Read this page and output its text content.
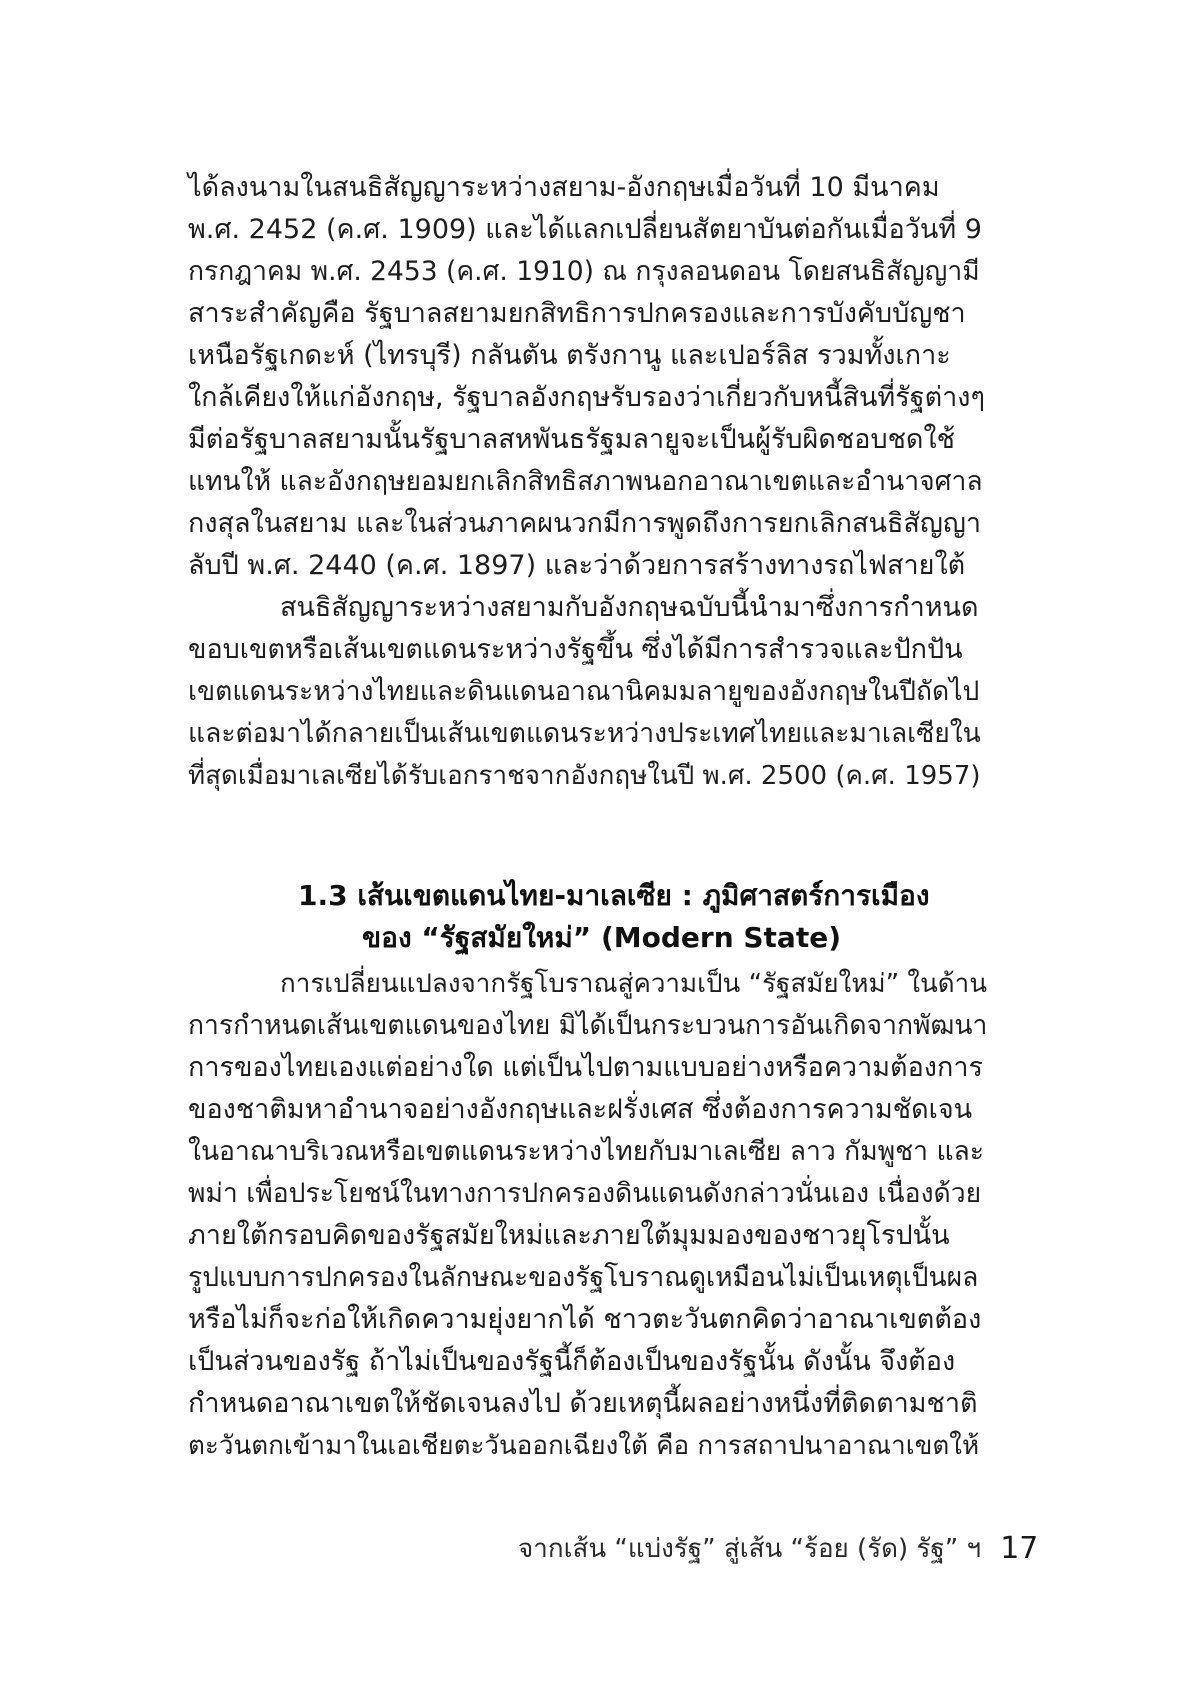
ได้ลงนามในสนธิสัญญาระหว่างสยาม-อังกฤษเมื่อวันที่ 10 มีนาคม
พ.ศ. 2452 (ค.ศ. 1909) และได้แลกเปลี่ยนสัตยาบันต่อกันเมื่อวันที่ 9
กรกฎาคม พ.ศ. 2453 (ค.ศ. 1910) ณ กรุงลอนดอน โดยสนธิสัญญามี
สาระสำคัญคือ รัฐบาลสยามยกสิทธิการปกครองและการบังคับบัญชา
เหนือรัฐเกดะห์ (ไทรบุรี) กลันตัน ตรังกานู และเปอร์ลิส รวมทั้งเกาะ
ใกล้เคียงให้แก่อังกฤษ, รัฐบาลอังกฤษรับรองว่าเกี่ยวกับหนี้สินที่รัฐต่างๆ
มีต่อรัฐบาลสยามนั้นรัฐบาลสหพันธรัฐมลายูจะเป็นผู้รับผิดชอบชดใช้
แทนให้ และอังกฤษยอมยกเลิกสิทธิสภาพนอกอาณาเขตและอำนาจศาล
กงสุลในสยาม และในส่วนภาคผนวกมีการพูดถึงการยกเลิกสนธิสัญญา
ลับปี พ.ศ. 2440 (ค.ศ. 1897) และว่าด้วยการสร้างทางรถไฟสายใต้
สนธิสัญญาระหว่างสยามกับอังกฤษฉบับนี้นำมาซึ่งการกำหนด
ขอบเขตหรือเส้นเขตแดนระหว่างรัฐขึ้น ซึ่งได้มีการสำรวจและปักปัน
เขตแดนระหว่างไทยและดินแดนอาณานิคมมลายูของอังกฤษในปีถัดไป
และต่อมาได้กลายเป็นเส้นเขตแดนระหว่างประเทศไทยและมาเลเซียใน
ที่สุดเมื่อมาเลเซียได้รับเอกราชจากอังกฤษในปี พ.ศ. 2500 (ค.ศ. 1957)
1.3 เส้นเขตแดนไทย-มาเลเซีย : ภูมิศาสตร์การเมือง
ของ “รัฐสมัยใหม่” (Modern State)
การเปลี่ยนแปลงจากรัฐโบราณสู่ความเป็น “รัฐสมัยใหม่” ในด้าน
การกำหนดเส้นเขตแดนของไทย มิได้เป็นกระบวนการอันเกิดจากพัฒนา
การของไทยเองแต่อย่างใด แต่เป็นไปตามแบบอย่างหรือความต้องการ
ของชาติมหาอำนาจอย่างอังกฤษและฝรั่งเศส ซึ่งต้องการความชัดเจน
ในอาณาบริเวณหรือเขตแดนระหว่างไทยกับมาเลเซีย ลาว กัมพูชา และ
พม่า เพื่อประโยชน์ในทางการปกครองดินแดนดังกล่าวนั่นเอง เนื่องด้วย
ภายใต้กรอบคิดของรัฐสมัยใหม่และภายใต้มุมมองของชาวยุโรปนั้น
รูปแบบการปกครองในลักษณะของรัฐโบราณดูเหมือนไม่เป็นเหตุเป็นผล
หรือไม่ก็จะก่อให้เกิดความยุ่งยากได้ ชาวตะวันตกคิดว่าอาณาเขตต้อง
เป็นส่วนของรัฐ ถ้าไม่เป็นของรัฐนี้ก็ต้องเป็นของรัฐนั้น ดังนั้น จึงต้อง
กำหนดอาณาเขตให้ชัดเจนลงไป ด้วยเหตุนี้ผลอย่างหนึ่งที่ติดตามชาติ
ตะวันตกเข้ามาในเอเชียตะวันออกเฉียงใต้ คือ การสถาปนาอาณาเขตให้
จากเส้น “แบ่งรัฐ” สู่เส้น “ร้อย (รัด) รัฐ” ฯ 17
